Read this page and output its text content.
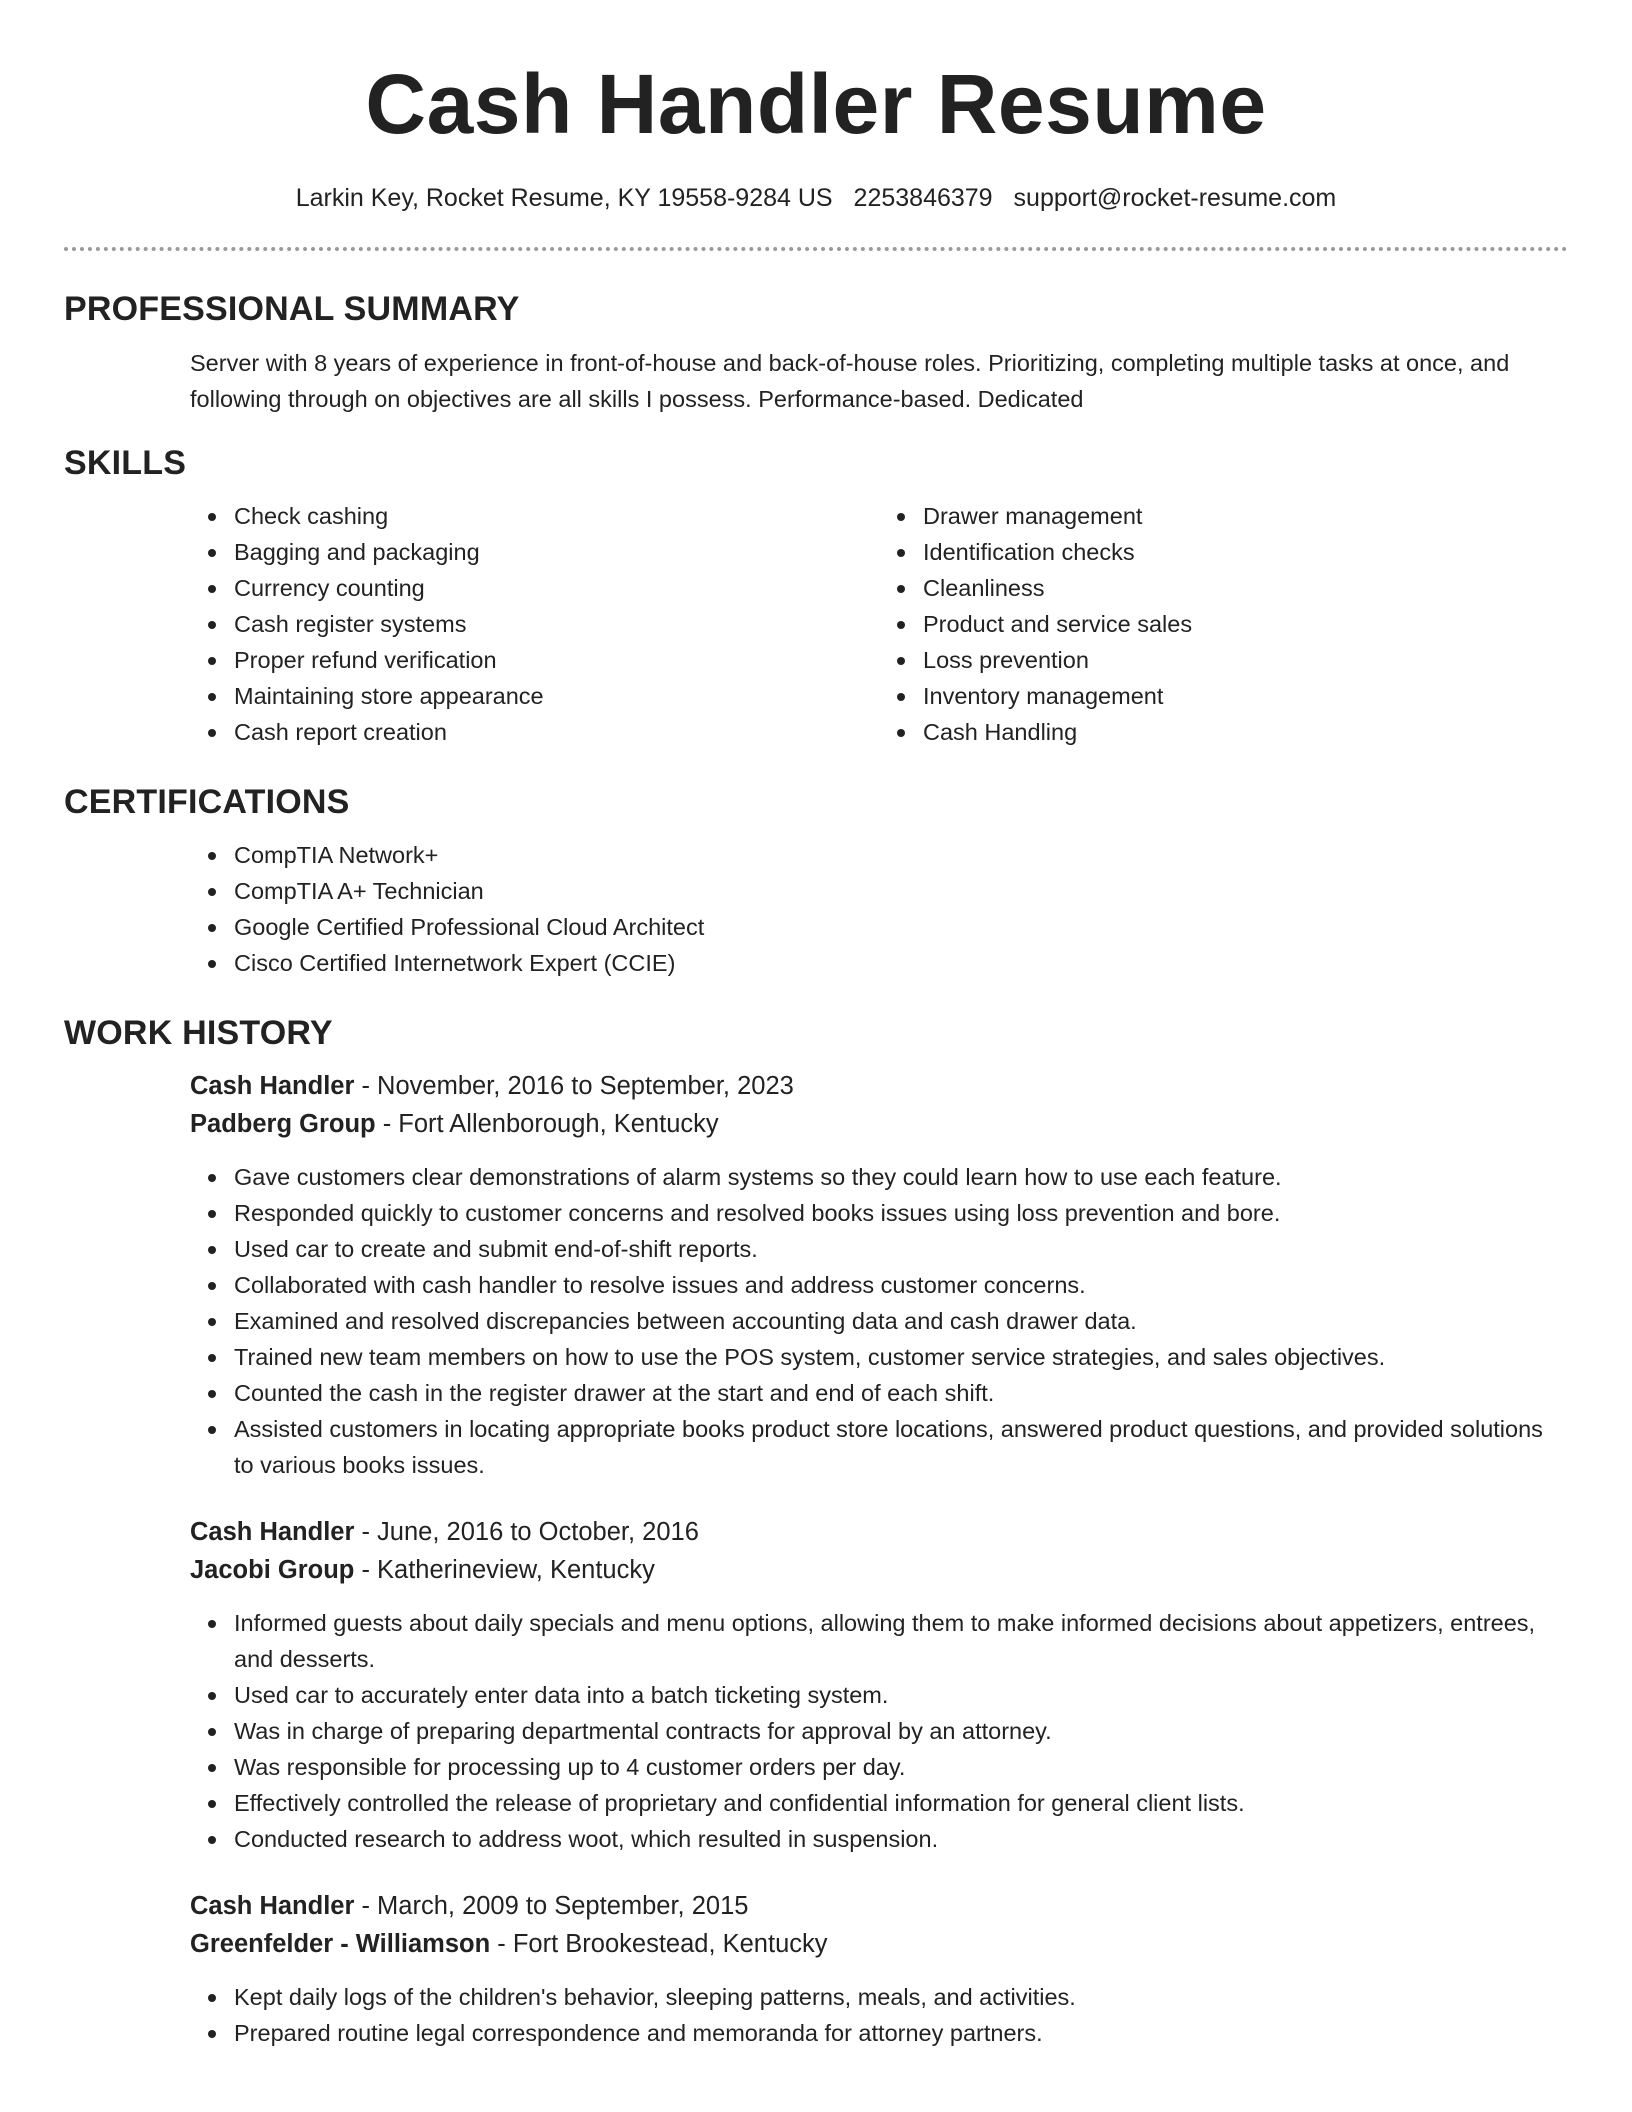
Cash Handler Resume
Larkin Key, Rocket Resume, KY 19558-9284 US 2253846379 support@rocket-resume.com
PROFESSIONAL SUMMARY
Server with 8 years of experience in front-of-house and back-of-house roles. Prioritizing, completing multiple tasks at once, and following through on objectives are all skills I possess. Performance-based. Dedicated
SKILLS
Check cashing
Bagging and packaging
Currency counting
Cash register systems
Proper refund verification
Maintaining store appearance
Cash report creation
Drawer management
Identification checks
Cleanliness
Product and service sales
Loss prevention
Inventory management
Cash Handling
CERTIFICATIONS
CompTIA Network+
CompTIA A+ Technician
Google Certified Professional Cloud Architect
Cisco Certified Internetwork Expert (CCIE)
WORK HISTORY
Cash Handler - November, 2016 to September, 2023
Padberg Group - Fort Allenborough, Kentucky
Gave customers clear demonstrations of alarm systems so they could learn how to use each feature.
Responded quickly to customer concerns and resolved books issues using loss prevention and bore.
Used car to create and submit end-of-shift reports.
Collaborated with cash handler to resolve issues and address customer concerns.
Examined and resolved discrepancies between accounting data and cash drawer data.
Trained new team members on how to use the POS system, customer service strategies, and sales objectives.
Counted the cash in the register drawer at the start and end of each shift.
Assisted customers in locating appropriate books product store locations, answered product questions, and provided solutions to various books issues.
Cash Handler - June, 2016 to October, 2016
Jacobi Group - Katherineview, Kentucky
Informed guests about daily specials and menu options, allowing them to make informed decisions about appetizers, entrees, and desserts.
Used car to accurately enter data into a batch ticketing system.
Was in charge of preparing departmental contracts for approval by an attorney.
Was responsible for processing up to 4 customer orders per day.
Effectively controlled the release of proprietary and confidential information for general client lists.
Conducted research to address woot, which resulted in suspension.
Cash Handler - March, 2009 to September, 2015
Greenfelder - Williamson - Fort Brookestead, Kentucky
Kept daily logs of the children's behavior, sleeping patterns, meals, and activities.
Prepared routine legal correspondence and memoranda for attorney partners.
